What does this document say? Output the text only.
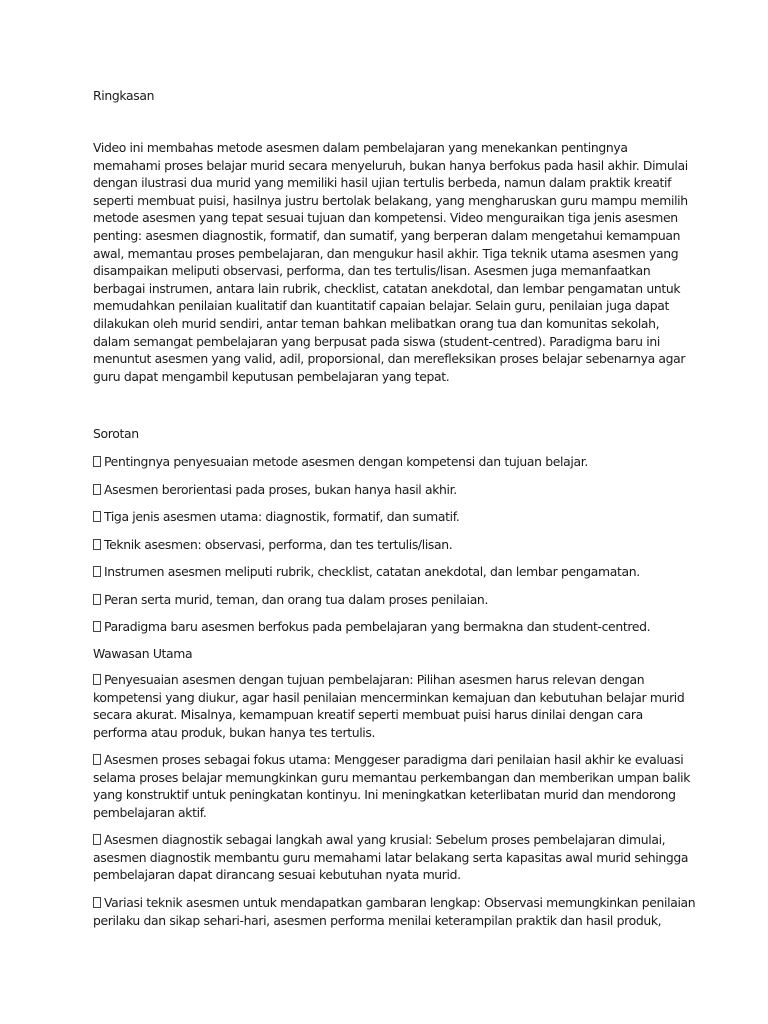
Ringkasan
Video ini membahas metode asesmen dalam pembelajaran yang menekankan pentingnya
memahami proses belajar murid secara menyeluruh, bukan hanya berfokus pada hasil akhir. Dimulai
dengan ilustrasi dua murid yang memiliki hasil ujian tertulis berbeda, namun dalam praktik kreatif
seperti membuat puisi, hasilnya justru bertolak belakang, yang mengharuskan guru mampu memilih
metode asesmen yang tepat sesuai tujuan dan kompetensi. Video menguraikan tiga jenis asesmen
penting: asesmen diagnostik, formatif, dan sumatif, yang berperan dalam mengetahui kemampuan
awal, memantau proses pembelajaran, dan mengukur hasil akhir. Tiga teknik utama asesmen yang
disampaikan meliputi observasi, performa, dan tes tertulis/lisan. Asesmen juga memanfaatkan
berbagai instrumen, antara lain rubrik, checklist, catatan anekdotal, dan lembar pengamatan untuk
memudahkan penilaian kualitatif dan kuantitatif capaian belajar. Selain guru, penilaian juga dapat
dilakukan oleh murid sendiri, antar teman bahkan melibatkan orang tua dan komunitas sekolah,
dalam semangat pembelajaran yang berpusat pada siswa (student-centred). Paradigma baru ini
menuntut asesmen yang valid, adil, proporsional, dan merefleksikan proses belajar sebenarnya agar
guru dapat mengambil keputusan pembelajaran yang tepat.
Sorotan
Pentingnya penyesuaian metode asesmen dengan kompetensi dan tujuan belajar.
Asesmen berorientasi pada proses, bukan hanya hasil akhir.
Tiga jenis asesmen utama: diagnostik, formatif, dan sumatif.
Teknik asesmen: observasi, performa, dan tes tertulis/lisan.
Instrumen asesmen meliputi rubrik, checklist, catatan anekdotal, dan lembar pengamatan.
Peran serta murid, teman, dan orang tua dalam proses penilaian.
Paradigma baru asesmen berfokus pada pembelajaran yang bermakna dan student-centred.
Wawasan Utama
Penyesuaian asesmen dengan tujuan pembelajaran: Pilihan asesmen harus relevan dengan
kompetensi yang diukur, agar hasil penilaian mencerminkan kemajuan dan kebutuhan belajar murid
secara akurat. Misalnya, kemampuan kreatif seperti membuat puisi harus dinilai dengan cara
performa atau produk, bukan hanya tes tertulis.
Asesmen proses sebagai fokus utama: Menggeser paradigma dari penilaian hasil akhir ke evaluasi
selama proses belajar memungkinkan guru memantau perkembangan dan memberikan umpan balik
yang konstruktif untuk peningkatan kontinyu. Ini meningkatkan keterlibatan murid dan mendorong
pembelajaran aktif.
Asesmen diagnostik sebagai langkah awal yang krusial: Sebelum proses pembelajaran dimulai,
asesmen diagnostik membantu guru memahami latar belakang serta kapasitas awal murid sehingga
pembelajaran dapat dirancang sesuai kebutuhan nyata murid.
Variasi teknik asesmen untuk mendapatkan gambaran lengkap: Observasi memungkinkan penilaian
perilaku dan sikap sehari-hari, asesmen performa menilai keterampilan praktik dan hasil produk,
